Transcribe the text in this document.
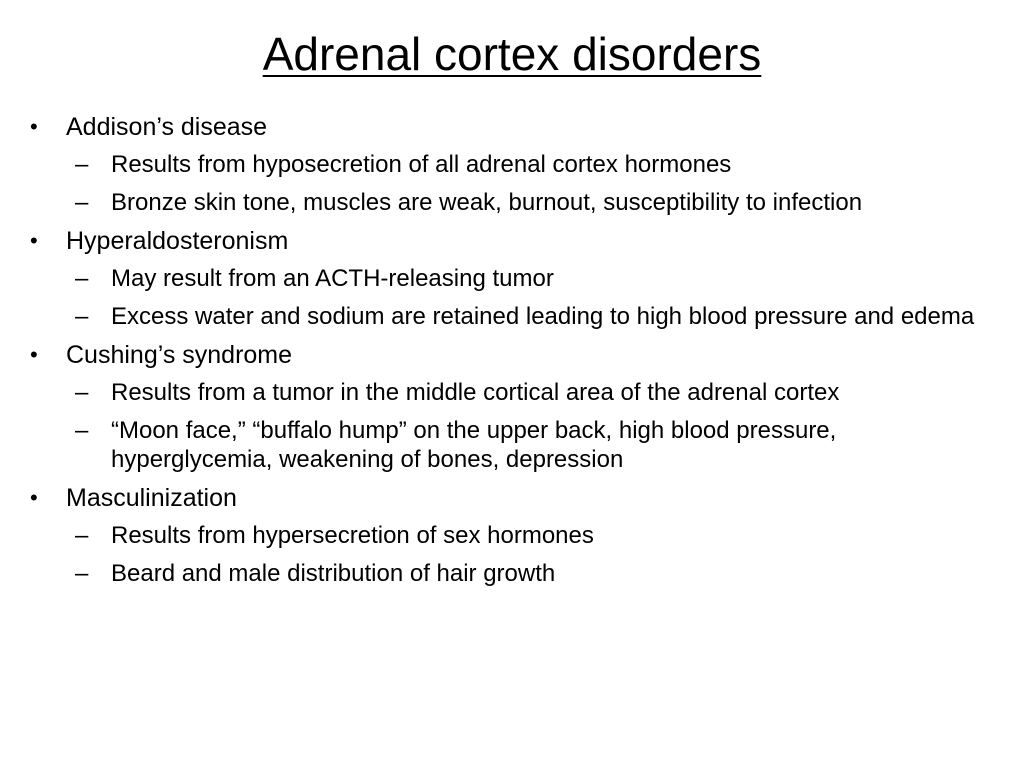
Adrenal cortex disorders
•	Addison’s disease
– Results from hyposecretion of all adrenal cortex hormones
– Bronze skin tone, muscles are weak, burnout, susceptibility to infection
•	Hyperaldosteronism
– May result from an ACTH-releasing tumor
– Excess water and sodium are retained leading to high blood pressure and edema
•	Cushing’s syndrome
– Results from a tumor in the middle cortical area of the adrenal cortex
– “Moon face,” “buffalo hump” on the upper back, high blood pressure, hyperglycemia, weakening of bones, depression
•	Masculinization
– Results from hypersecretion of sex hormones
– Beard and male distribution of hair growth
